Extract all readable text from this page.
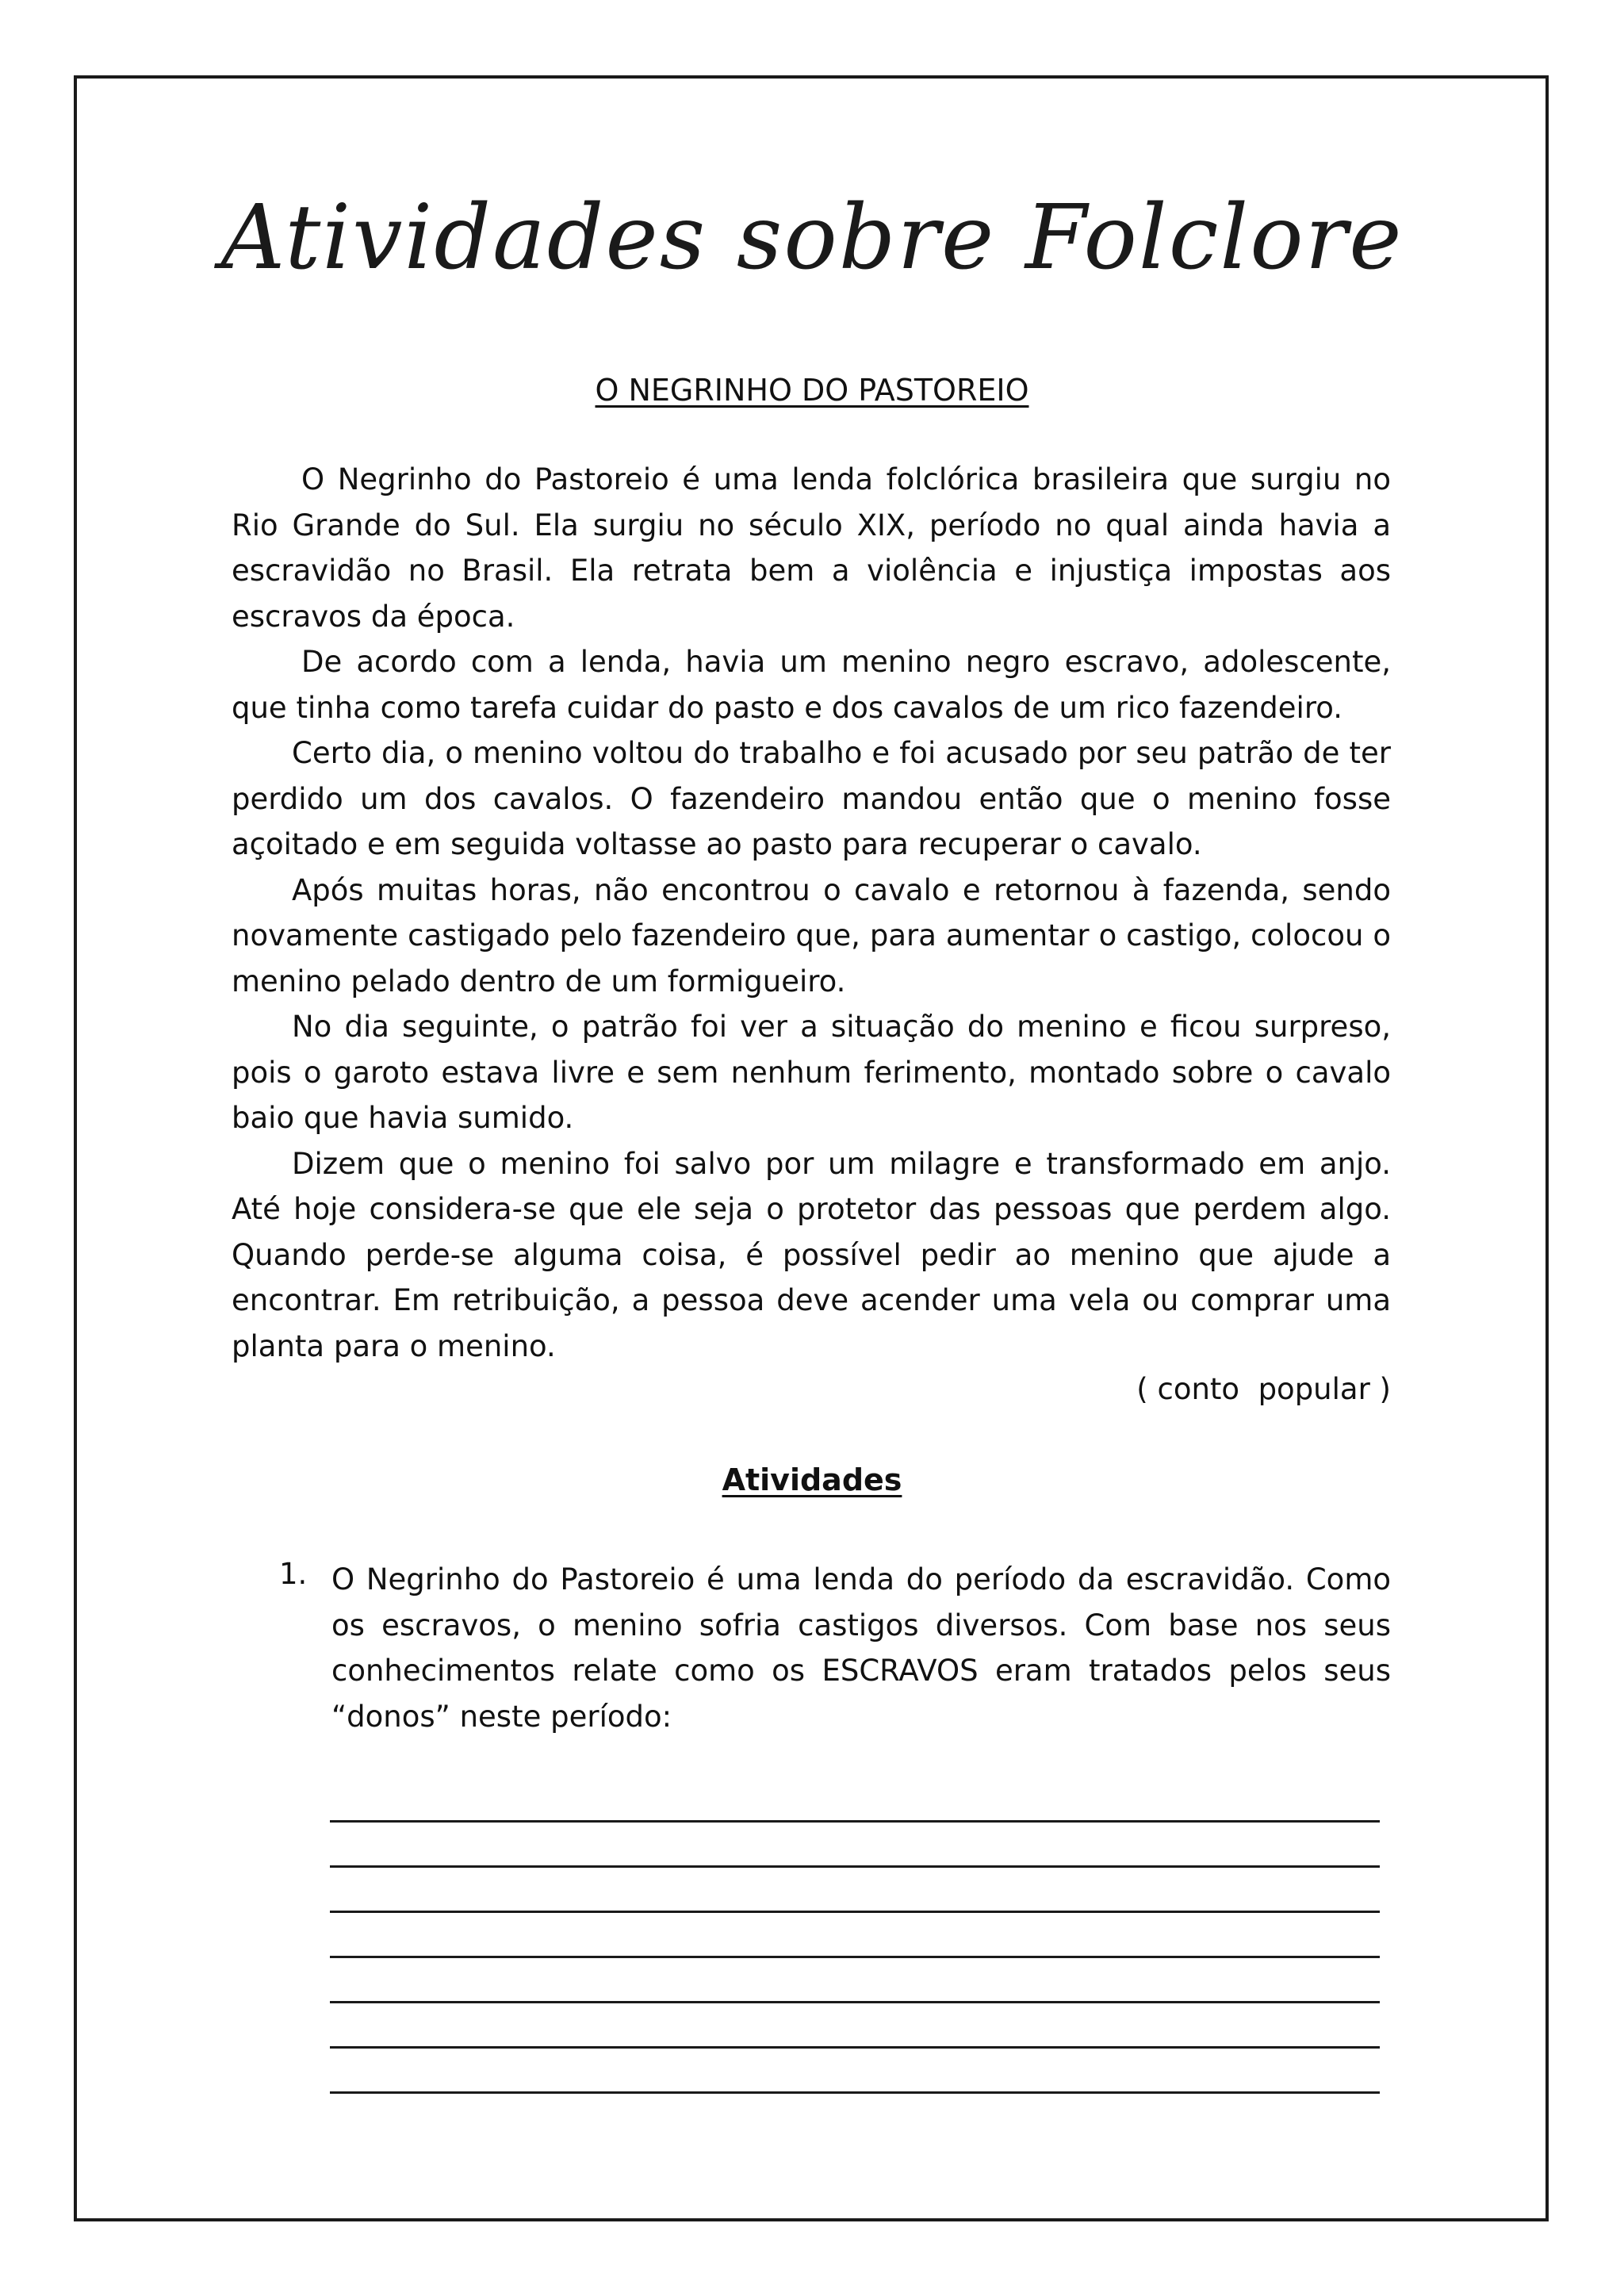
Atividades sobre Folclore
O NEGRINHO DO PASTOREIO

O Negrinho do Pastoreio é uma lenda folclórica brasileira que surgiu no Rio Grande do Sul. Ela surgiu no século XIX, período no qual ainda havia a escravidão no Brasil. Ela retrata bem a violência e injustiça impostas aos escravos da época.

De acordo com a lenda, havia um menino negro escravo, adolescente, que tinha como tarefa cuidar do pasto e dos cavalos de um rico fazendeiro.

Certo dia, o menino voltou do trabalho e foi acusado por seu patrão de ter perdido um dos cavalos. O fazendeiro mandou então que o menino fosse açoitado e em seguida voltasse ao pasto para recuperar o cavalo.

Após muitas horas, não encontrou o cavalo e retornou à fazenda, sendo novamente castigado pelo fazendeiro que, para aumentar o castigo, colocou o menino pelado dentro de um formigueiro.

No dia seguinte, o patrão foi ver a situação do menino e ficou surpreso, pois o garoto estava livre e sem nenhum ferimento, montado sobre o cavalo baio que havia sumido.

Dizem que o menino foi salvo por um milagre e transformado em anjo. Até hoje considera-se que ele seja o protetor das pessoas que perdem algo. Quando perde-se alguma coisa, é possível pedir ao menino que ajude a encontrar. Em retribuição, a pessoa deve acender uma vela ou comprar uma planta para o menino.

( conto  popular )
Atividades
1. O Negrinho do Pastoreio é uma lenda do período da escravidão. Como os escravos, o menino sofria castigos diversos. Com base nos seus conhecimentos relate como os ESCRAVOS eram tratados pelos seus “donos” neste período:
